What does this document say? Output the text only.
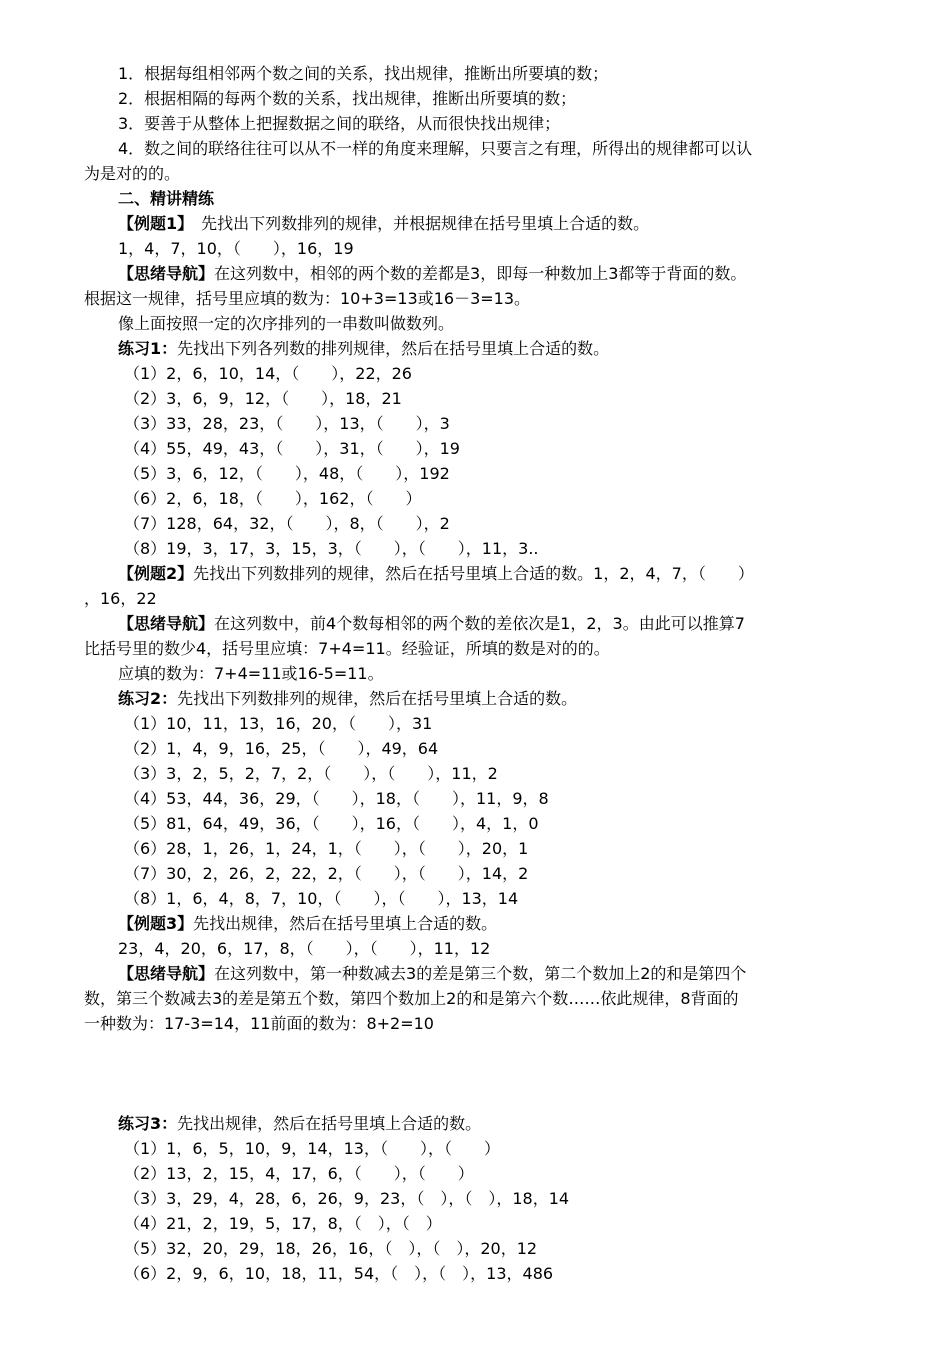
1．根据每组相邻两个数之间的关系，找出规律，推断出所要填的数；
2．根据相隔的每两个数的关系，找出规律，推断出所要填的数；
3．要善于从整体上把握数据之间的联络，从而很快找出规律；
4．数之间的联络往往可以从不一样的角度来理解，只要言之有理，所得出的规律都可以认
为是对的的。
二、精讲精练
【例题1】　先找出下列数排列的规律，并根据规律在括号里填上合适的数。
1，4，7，10，（　　），16，19
【思绪导航】在这列数中，相邻的两个数的差都是3，即每一种数加上3都等于背面的数。
根据这一规律，括号里应填的数为：10+3=13或16－3=13。
像上面按照一定的次序排列的一串数叫做数列。
练习1：先找出下列各列数的排列规律，然后在括号里填上合适的数。
（1）2，6，10，14，（　　），22，26
（2）3，6，9，12，（　　），18，21
（3）33，28，23，（　　），13，（　　），3
（4）55，49，43，（　　），31，（　　），19
（5）3，6，12，（　　），48，（　　），192
（6）2，6，18，（　　），162，（　　）
（7）128，64，32，（　　），8，（　　），2
（8）19，3，17，3，15，3，（　　），（　　），11，3..
【例题2】先找出下列数排列的规律，然后在括号里填上合适的数。1，2，4，7，（　　）
，16，22
【思绪导航】在这列数中，前4个数每相邻的两个数的差依次是1，2，3。由此可以推算7
比括号里的数少4，括号里应填：7+4=11。经验证，所填的数是对的的。
应填的数为：7+4=11或16-5=11。
练习2：先找出下列数排列的规律，然后在括号里填上合适的数。
（1）10，11，13，16，20，（　　），31
（2）1，4，9，16，25，（　　），49，64
（3）3，2，5，2，7，2，（　　），（　　），11，2
（4）53，44，36，29，（　　），18，（　　），11，9，8
（5）81，64，49，36，（　　），16，（　　），4，1，0
（6）28，1，26，1，24，1，（　　），（　　），20，1
（7）30，2，26，2，22，2，（　　），（　　），14，2
（8）1，6，4，8，7，10，（　　），（　　），13，14
【例题3】先找出规律，然后在括号里填上合适的数。
23，4，20，6，17，8，（　　），（　　），11，12
【思绪导航】在这列数中，第一种数减去3的差是第三个数，第二个数加上2的和是第四个
数，第三个数减去3的差是第五个数，第四个数加上2的和是第六个数……依此规律，8背面的
一种数为：17-3=14，11前面的数为：8+2=10
练习3：先找出规律，然后在括号里填上合适的数。
（1）1，6，5，10，9，14，13，（　　），（　　）
（2）13，2，15，4，17，6，（　　），（　　）
（3）3，29，4，28，6，26，9，23，（　），（　），18，14
（4）21，2，19，5，17，8，（　），（　）
（5）32，20，29，18，26，16，（　），（　），20，12
（6）2，9，6，10，18，11，54，（　），（　），13，486
